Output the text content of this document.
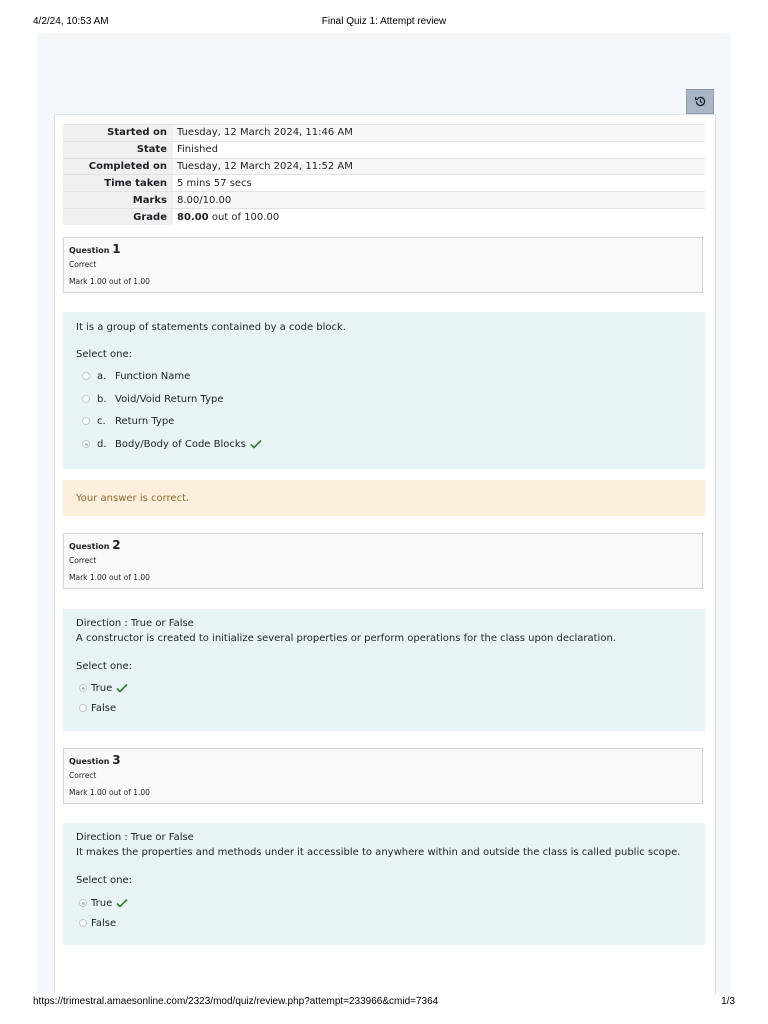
4/2/24, 10:53 AM	Final Quiz 1: Attempt review
Started on	Tuesday, 12 March 2024, 11:46 AM
State	Finished
Completed on	Tuesday, 12 March 2024, 11:52 AM
Time taken	5 mins 57 secs
Marks	8.00/10.00
Grade	80.00 out of 100.00
Question 1
Correct
Mark 1.00 out of 1.00
It is a group of statements contained by a code block.
Select one:
a. Function Name
b. Void/Void Return Type
c. Return Type
d. Body/Body of Code Blocks
Your answer is correct.
Question 2
Correct
Mark 1.00 out of 1.00
Direction : True or False
A constructor is created to initialize several properties or perform operations for the class upon declaration.
Select one:
True
False
Question 3
Correct
Mark 1.00 out of 1.00
Direction : True or False
It makes the properties and methods under it accessible to anywhere within and outside the class is called public scope.
Select one:
True
False
https://trimestral.amaesonline.com/2323/mod/quiz/review.php?attempt=233966&cmid=7364	1/3
